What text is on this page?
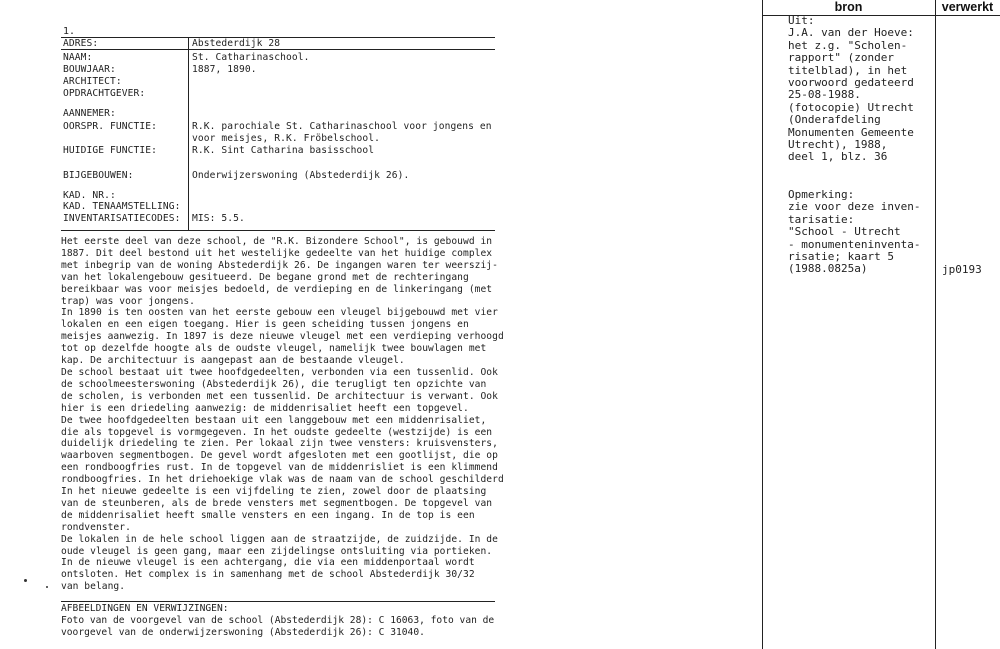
1.
ADRES:	Abstederdijk 28
NAAM:	St. Catharinaschool.
BOUWJAAR:	1887, 1890.
ARCHITECT:
OPDRACHTGEVER:
AANNEMER:
OORSPR. FUNCTIE:	R.K. parochiale St. Catharinaschool voor jongens en
voor meisjes, R.K. Fröbelschool.
HUIDIGE FUNCTIE:	R.K. Sint Catharina basisschool
BIJGEBOUWEN:	Onderwijzerswoning (Abstederdijk 26).
KAD. NR.:
KAD. TENAAMSTELLING:
INVENTARISATIECODES: MIS: 5.5.
Het eerste deel van deze school, de "R.K. Bizondere School", is gebouwd in
1887. Dit deel bestond uit het westelijke gedeelte van het huidige complex
met inbegrip van de woning Abstederdijk 26. De ingangen waren ter weerszij-
van het lokalengebouw gesitueerd. De begane grond met de rechteringang
bereikbaar was voor meisjes bedoeld, de verdieping en de linkeringang (met
trap) was voor jongens.
In 1890 is ten oosten van het eerste gebouw een vleugel bijgebouwd met vier
lokalen en een eigen toegang. Hier is geen scheiding tussen jongens en
meisjes aanwezig. In 1897 is deze nieuwe vleugel met een verdieping verhoogd
tot op dezelfde hoogte als de oudste vleugel, namelijk twee bouwlagen met
kap. De architectuur is aangepast aan de bestaande vleugel.
De school bestaat uit twee hoofdgedeelten, verbonden via een tussenlid. Ook
de schoolmeesterswoning (Abstederdijk 26), die terugligt ten opzichte van
de scholen, is verbonden met een tussenlid. De architectuur is verwant. Ook
hier is een driedeling aanwezig: de middenrisaliet heeft een topgevel.
De twee hoofdgedeelten bestaan uit een langgebouw met een middenrisaliet,
die als topgevel is vormgegeven. In het oudste gedeelte (westzijde) is een
duidelijk driedeling te zien. Per lokaal zijn twee vensters: kruisvensters,
waarboven segmentbogen. De gevel wordt afgesloten met een gootlijst, die op
een rondboogfries rust. In de topgevel van de middenrisliet is een klimmend
rondboogfries. In het driehoekige vlak was de naam van de school geschilderd
In het nieuwe gedeelte is een vijfdeling te zien, zowel door de plaatsing
van de steunberen, als de brede vensters met segmentbogen. De topgevel van
de middenrisaliet heeft smalle vensters en een ingang. In de top is een
rondvenster.
De lokalen in de hele school liggen aan de straatzijde, de zuidzijde. In de
oude vleugel is geen gang, maar een zijdelingse ontsluiting via portieken.
In de nieuwe vleugel is een achtergang, die via een middenportaal wordt
ontsloten. Het complex is in samenhang met de school Abstederdijk 30/32
van belang.
AFBEELDINGEN EN VERWIJZINGEN:
Foto van de voorgevel van de school (Abstederdijk 28): C 16063, foto van de
voorgevel van de onderwijzerswoning (Abstederdijk 26): C 31040.
bron	verwerkt
Uit:
J.A. van der Hoeve:
het z.g. "Scholen-
rapport" (zonder
titelblad), in het
voorwoord gedateerd
25-08-1988.
(fotocopie) Utrecht
(Onderafdeling
Monumenten Gemeente
Utrecht), 1988,
deel 1, blz. 36
Opmerking:
zie voor deze inven-
tarisatie:
"School - Utrecht
- monumenteninventa-
risatie; kaart 5
(1988.0825a)	jp0193
